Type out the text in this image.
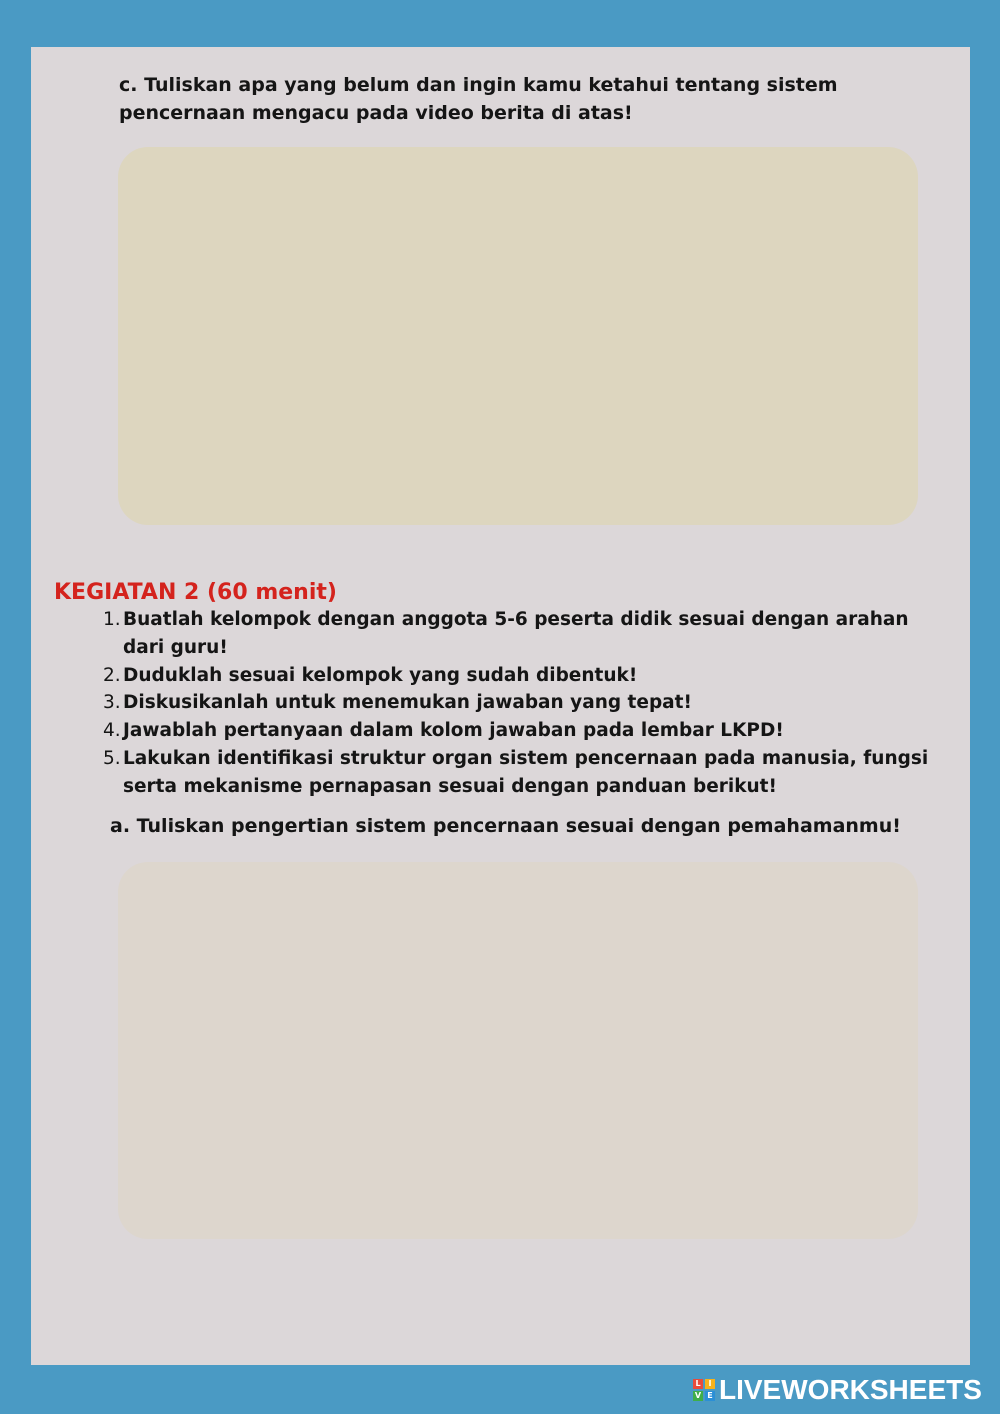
c. Tuliskan apa yang belum dan ingin kamu ketahui tentang sistem pencernaan mengacu pada video berita di atas!

KEGIATAN 2 (60 menit)
1. Buatlah kelompok dengan anggota 5-6 peserta didik sesuai dengan arahan dari guru!
2. Duduklah sesuai kelompok yang sudah dibentuk!
3. Diskusikanlah untuk menemukan jawaban yang tepat!
4. Jawablah pertanyaan dalam kolom jawaban pada lembar LKPD!
5. Lakukan identifikasi struktur organ sistem pencernaan pada manusia, fungsi serta mekanisme pernapasan sesuai dengan panduan berikut!

a. Tuliskan pengertian sistem pencernaan sesuai dengan pemahamanmu!

L I
V E LIVEWORKSHEETS
